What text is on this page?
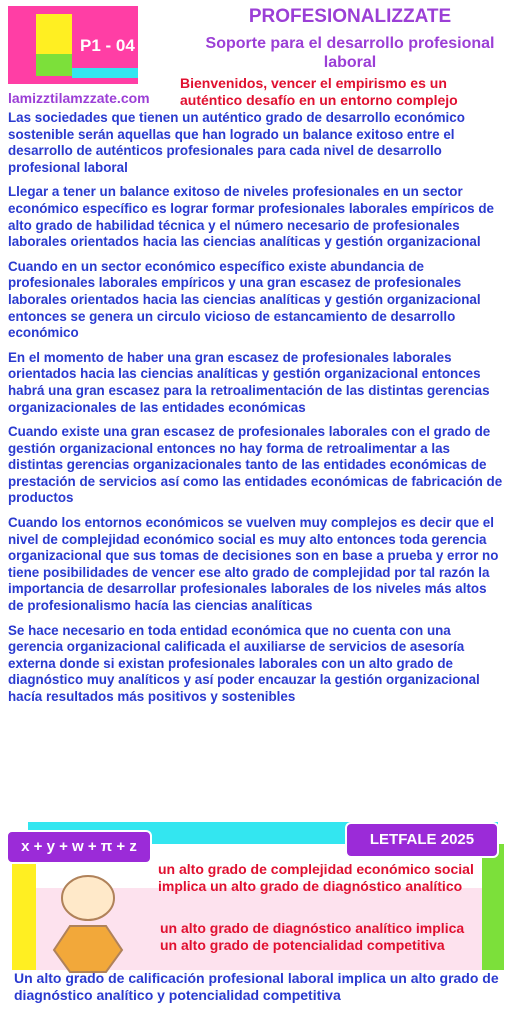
P1 - 04
PROFESIONALIZZATE
Soporte para el desarrollo profesional laboral
Bienvenidos, vencer el empirismo es un auténtico desafío en un entorno complejo
lamizztilamzzate.com

Las sociedades que tienen un auténtico grado de desarrollo económico sostenible serán aquellas que han logrado un balance exitoso entre el desarrollo de auténticos profesionales para cada nivel de desarrollo profesional laboral

Llegar a tener un balance exitoso de niveles profesionales en un sector económico específico es lograr formar profesionales laborales empíricos de alto grado de habilidad técnica y el número necesario de profesionales laborales orientados hacia las ciencias analíticas y gestión organizacional

Cuando en un sector económico específico existe abundancia de profesionales laborales empíricos y una gran escasez de profesionales laborales orientados hacia las ciencias analíticas y gestión organizacional entonces se genera un circulo vicioso de estancamiento de desarrollo económico

En el momento de haber una gran escasez de profesionales laborales orientados hacia las ciencias analíticas y gestión organizacional entonces habrá una gran escasez para la retroalimentación de las distintas gerencias organizacionales de las entidades económicas

Cuando existe una gran escasez de profesionales laborales con el grado de gestión organizacional entonces no hay forma de retroalimentar a las distintas gerencias organizacionales tanto de las entidades económicas de prestación de servicios así como las entidades económicas de fabricación de productos

Cuando los entornos económicos se vuelven muy complejos es decir que el nivel de complejidad económico social es muy alto entonces toda gerencia organizacional que sus tomas de decisiones son en base a prueba y error no tiene posibilidades de vencer ese alto grado de complejidad por tal razón la importancia de desarrollar profesionales laborales de los niveles más altos de profesionalismo hacía las ciencias analíticas

Se hace necesario en toda entidad económica que no cuenta con una gerencia organizacional calificada el auxiliarse de servicios de asesoría externa donde si existan profesionales laborales con un alto grado de diagnóstico muy analíticos y así poder encauzar la gestión organizacional hacía resultados más positivos y sostenibles

x + y + w + π + z	LETFALE 2025
un alto grado de complejidad económico social implica un alto grado de diagnóstico analítico
un alto grado de diagnóstico analítico implica un alto grado de potencialidad competitiva
Un alto grado de calificación profesional laboral implica un alto grado de diagnóstico analítico y potencialidad competitiva
